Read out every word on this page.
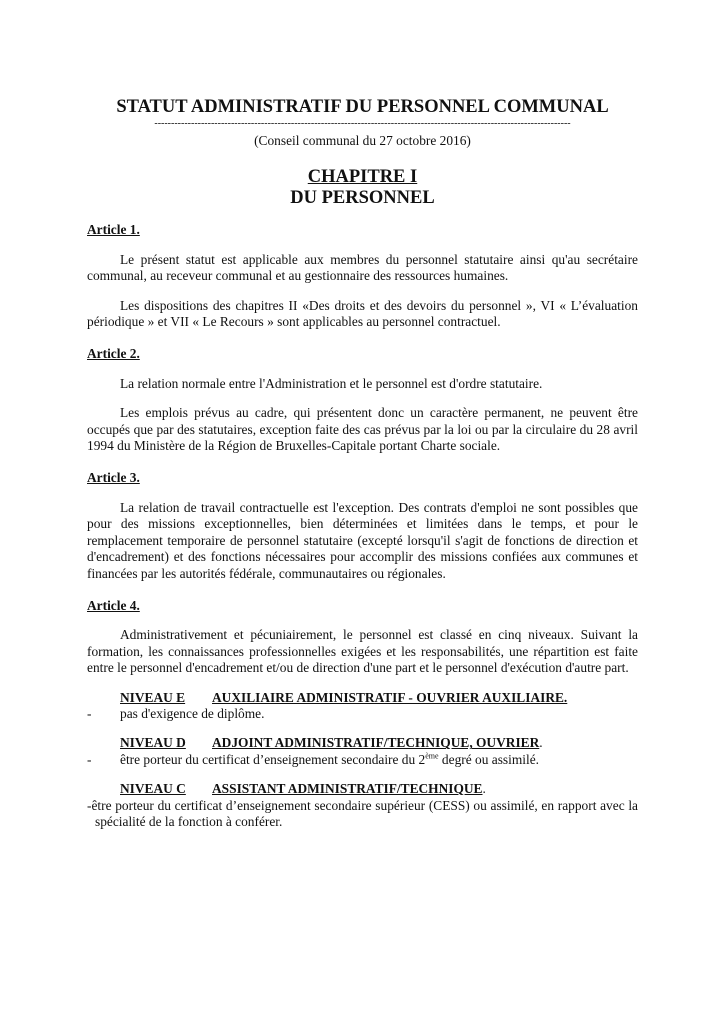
STATUT ADMINISTRATIF DU PERSONNEL COMMUNAL
-----------------------------------------------------------------------------------------------------------------------------
(Conseil communal du 27 octobre 2016)
CHAPITRE I
DU PERSONNEL
Article 1.

Le présent statut est applicable aux membres du personnel statutaire ainsi qu'au secrétaire communal, au receveur communal et au gestionnaire des ressources humaines.

Les dispositions des chapitres II «Des droits et des devoirs du personnel », VI « L’évaluation périodique » et VII « Le Recours » sont applicables au personnel contractuel.

Article 2.

La relation normale entre l'Administration et le personnel est d'ordre statutaire.

Les emplois prévus au cadre, qui présentent donc un caractère permanent, ne peuvent être occupés que par des statutaires, exception faite des cas prévus par la loi ou par la circulaire du 28 avril 1994 du Ministère de la Région de Bruxelles-Capitale portant Charte sociale.

Article 3.

La relation de travail contractuelle est l'exception. Des contrats d'emploi ne sont possibles que pour des missions exceptionnelles, bien déterminées et limitées dans le temps, et pour le remplacement temporaire de personnel statutaire (excepté lorsqu'il s'agit de fonctions de direction et d'encadrement) et des fonctions nécessaires pour accomplir des missions confiées aux communes et financées par les autorités fédérale, communautaires ou régionales.

Article 4.

Administrativement et pécuniairement, le personnel est classé en cinq niveaux. Suivant la formation, les connaissances professionnelles exigées et les responsabilités, une répartition est faite entre le personnel d'encadrement et/ou de direction d'une part et le personnel d'exécution d'autre part.

NIVEAU E AUXILIAIRE ADMINISTRATIF - OUVRIER AUXILIAIRE.
- pas d'exigence de diplôme.
NIVEAU D ADJOINT ADMINISTRATIF/TECHNIQUE, OUVRIER.
- être porteur du certificat d’enseignement secondaire du 2ème degré ou assimilé.
NIVEAU C ASSISTANT ADMINISTRATIF/TECHNIQUE.

-être porteur du certificat d’enseignement secondaire supérieur (CESS) ou assimilé, en rapport avec la spécialité de la fonction à conférer.
